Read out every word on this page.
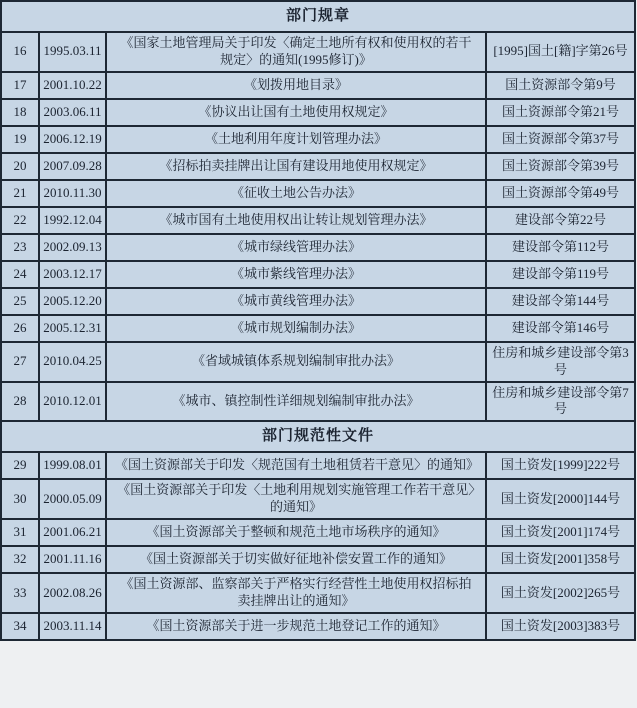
部门规章			
16	1995.03.11	《国家土地管理局关于印发〈确定土地所有权和使用权的若干规定〉的通知(1995修订)》	[1995]国土[籍]字第26号
17	2001.10.22	《划拨用地目录》	国土资源部令第9号
18	2003.06.11	《协议出让国有土地使用权规定》	国土资源部令第21号
19	2006.12.19	《土地利用年度计划管理办法》	国土资源部令第37号
20	2007.09.28	《招标拍卖挂牌出让国有建设用地使用权规定》	国土资源部令第39号
21	2010.11.30	《征收土地公告办法》	国土资源部令第49号
22	1992.12.04	《城市国有土地使用权出让转让规划管理办法》	建设部令第22号
23	2002.09.13	《城市绿线管理办法》	建设部令第112号
24	2003.12.17	《城市紫线管理办法》	建设部令第119号
25	2005.12.20	《城市黄线管理办法》	建设部令第144号
26	2005.12.31	《城市规划编制办法》	建设部令第146号
27	2010.04.25	《省域城镇体系规划编制审批办法》	住房和城乡建设部令第3号
28	2010.12.01	《城市、镇控制性详细规划编制审批办法》	住房和城乡建设部令第7号
部门规范性文件			
29	1999.08.01	《国土资源部关于印发〈规范国有土地租赁若干意见〉的通知》	国土资发[1999]222号
30	2000.05.09	《国土资源部关于印发〈土地利用规划实施管理工作若干意见〉的通知》	国土资发[2000]144号
31	2001.06.21	《国土资源部关于整顿和规范土地市场秩序的通知》	国土资发[2001]174号
32	2001.11.16	《国土资源部关于切实做好征地补偿安置工作的通知》	国土资发[2001]358号
33	2002.08.26	《国土资源部、监察部关于严格实行经营性土地使用权招标拍卖挂牌出让的通知》	国土资发[2002]265号
34	2003.11.14	《国土资源部关于进一步规范土地登记工作的通知》	国土资发[2003]383号
